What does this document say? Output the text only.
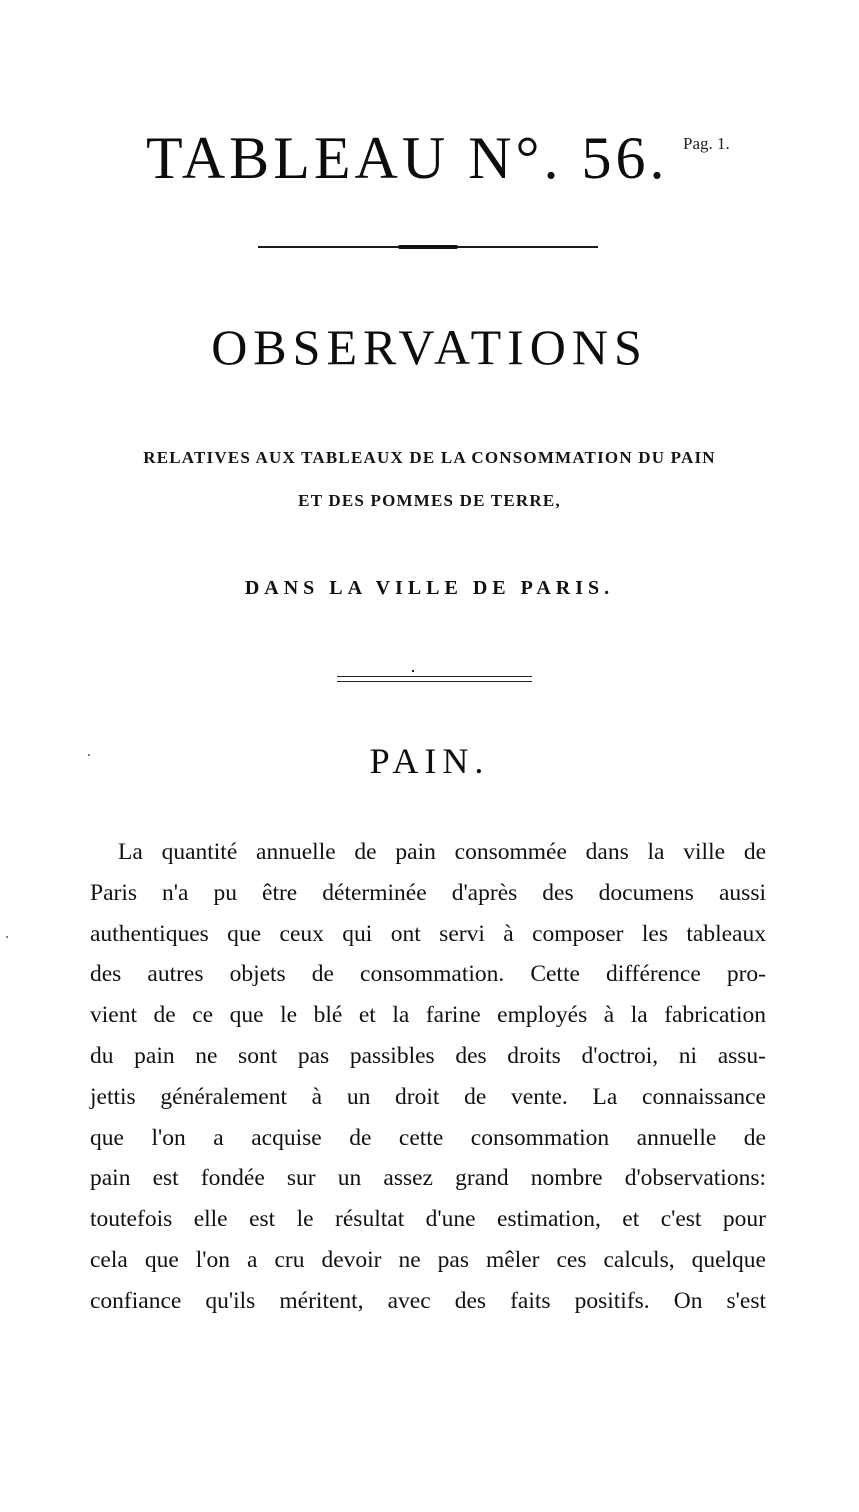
TABLEAU N°. 56. Pag. 1.
OBSERVATIONS
RELATIVES AUX TABLEAUX DE LA CONSOMMATION DU PAIN
ET DES POMMES DE TERRE,
DANS LA VILLE DE PARIS.
PAIN.
La quantité annuelle de pain consommée dans la ville de
Paris n'a pu être déterminée d'après des documens aussi
authentiques que ceux qui ont servi à composer les tableaux
des autres objets de consommation. Cette différence pro-
vient de ce que le blé et la farine employés à la fabrication
du pain ne sont pas passibles des droits d'octroi, ni assu-
jettis généralement à un droit de vente. La connaissance
que l'on a acquise de cette consommation annuelle de
pain est fondée sur un assez grand nombre d'observations:
toutefois elle est le résultat d'une estimation, et c'est pour
cela que l'on a cru devoir ne pas mêler ces calculs, quelque
confiance qu'ils méritent, avec des faits positifs. On s'est
